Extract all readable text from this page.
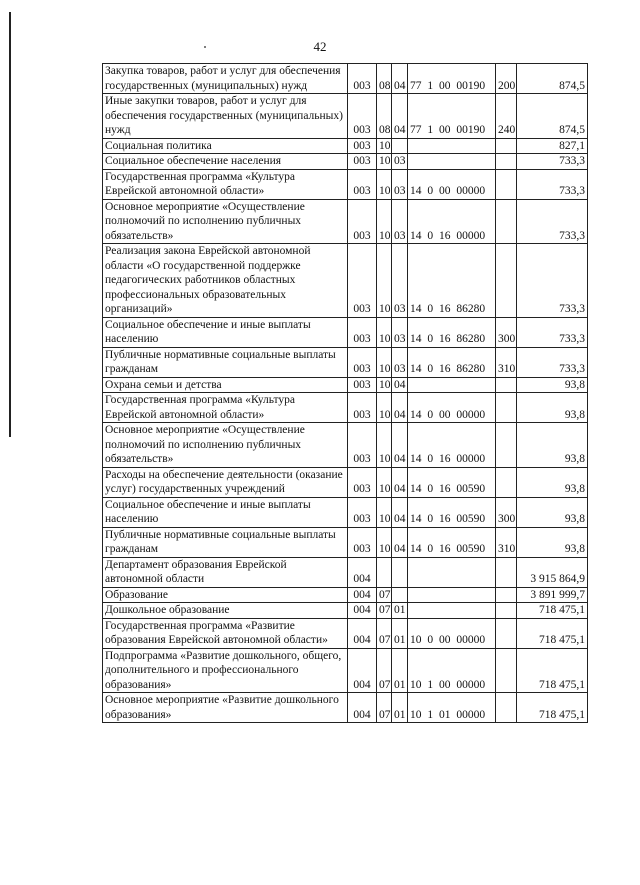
42
Закупка товаров, работ и услуг для обеспечения государственных (муниципальных) нужд	003	08	04	77 1 00 00190	200	874,5
Иные закупки товаров, работ и услуг для обеспечения государственных (муниципальных) нужд	003	08	04	77 1 00 00190	240	874,5
Социальная политика	003	10				827,1
Социальное обеспечение населения	003	10	03			733,3
Государственная программа «Культура Еврейской автономной области»	003	10	03	14 0 00 00000		733,3
Основное мероприятие «Осуществление полномочий по исполнению публичных обязательств»	003	10	03	14 0 16 00000		733,3
Реализация закона Еврейской автономной области «О государственной поддержке педагогических работников областных профессиональных образовательных организаций»	003	10	03	14 0 16 86280		733,3
Социальное обеспечение и иные выплаты населению	003	10	03	14 0 16 86280	300	733,3
Публичные нормативные социальные выплаты гражданам	003	10	03	14 0 16 86280	310	733,3
Охрана семьи и детства	003	10	04			93,8
Государственная программа «Культура Еврейской автономной области»	003	10	04	14 0 00 00000		93,8
Основное мероприятие «Осуществление полномочий по исполнению публичных обязательств»	003	10	04	14 0 16 00000		93,8
Расходы на обеспечение деятельности (оказание услуг) государственных учреждений	003	10	04	14 0 16 00590		93,8
Социальное обеспечение и иные выплаты населению	003	10	04	14 0 16 00590	300	93,8
Публичные нормативные социальные выплаты гражданам	003	10	04	14 0 16 00590	310	93,8
Департамент образования Еврейской автономной области	004					3 915 864,9
Образование	004	07				3 891 999,7
Дошкольное образование	004	07	01			718 475,1
Государственная программа «Развитие образования Еврейской автономной области»	004	07	01	10 0 00 00000		718 475,1
Подпрограмма «Развитие дошкольного, общего, дополнительного и профессионального образования»	004	07	01	10 1 00 00000		718 475,1
Основное мероприятие «Развитие дошкольного образования»	004	07	01	10 1 01 00000		718 475,1
